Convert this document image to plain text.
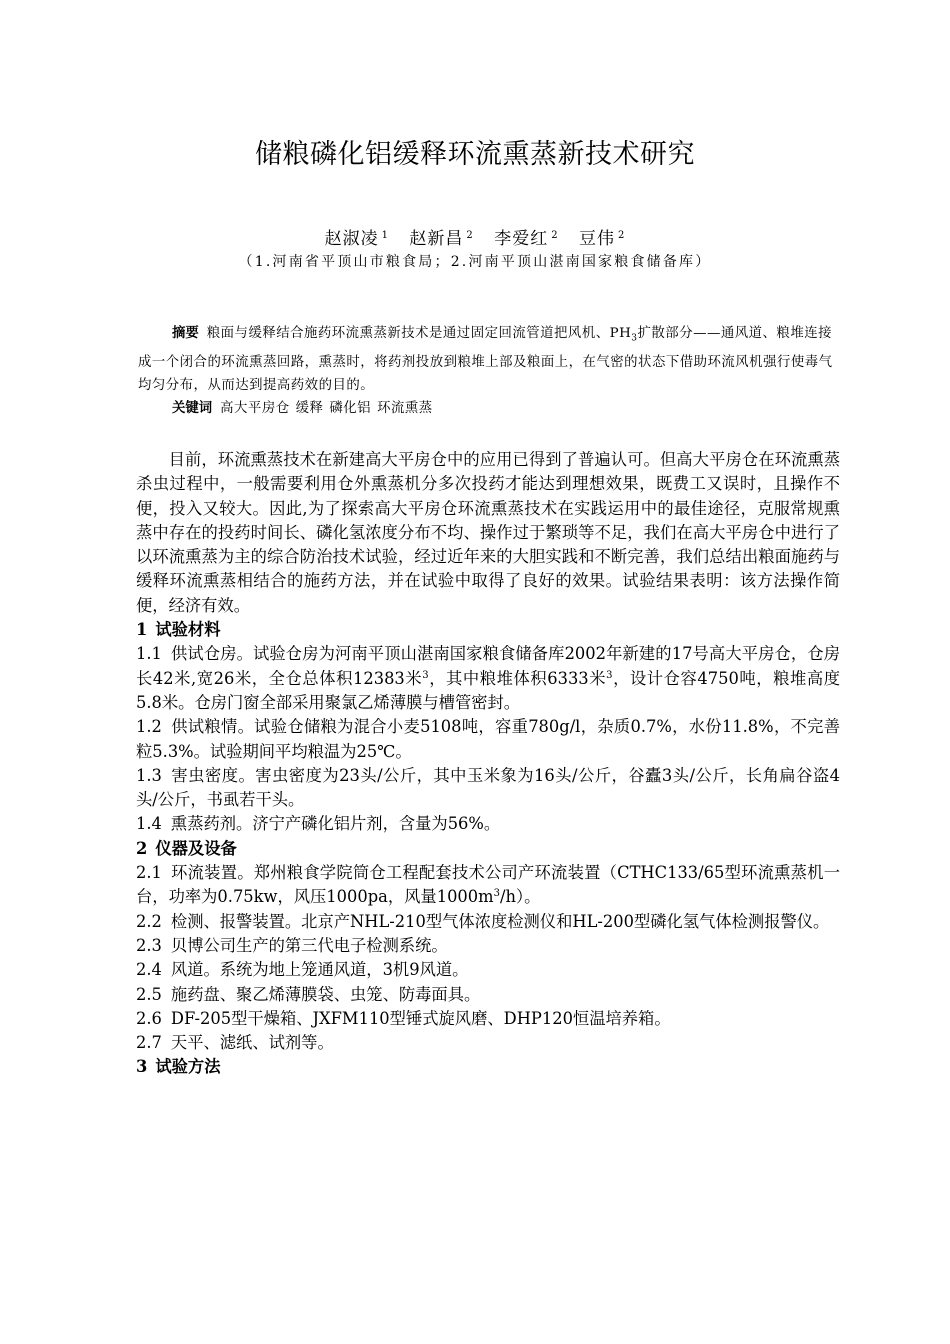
储粮磷化铝缓释环流熏蒸新技术研究
赵淑凌 $^1$ 赵新昌 $^2$ 李爱红 $^2$ 豆伟 $^2$
（1.河南省平顶山市粮食局；2.河南平顶山湛南国家粮食储备库）
摘要 粮面与缓释结合施药环流熏蒸新技术是通过固定回流管道把风机、$PH_3$扩散部分——通风道、粮堆连接成一个闭合的环流熏蒸回路，熏蒸时，将药剂投放到粮堆上部及粮面上，在气密的状态下借助环流风机强行使毒气均匀分布，从而达到提高药效的目的。
关键词 高大平房仓 缓释 磷化铝 环流熏蒸

目前，环流熏蒸技术在新建高大平房仓中的应用已得到了普遍认可。但高大平房仓在环流熏蒸杀虫过程中，一般需要利用仓外熏蒸机分多次投药才能达到理想效果，既费工又误时，且操作不便，投入又较大。因此,为了探索高大平房仓环流熏蒸技术在实践运用中的最佳途径，克服常规熏蒸中存在的投药时间长、磷化氢浓度分布不均、操作过于繁琐等不足，我们在高大平房仓中进行了以环流熏蒸为主的综合防治技术试验，经过近年来的大胆实践和不断完善，我们总结出粮面施药与缓释环流熏蒸相结合的施药方法，并在试验中取得了良好的效果。试验结果表明：该方法操作简便，经济有效。

1 试验材料

1.1 供试仓房。试验仓房为河南平顶山湛南国家粮食储备库2002年新建的17号高大平房仓，仓房长42米,宽26米，全仓总体积12383米$^3$，其中粮堆体积6333米$^3$，设计仓容4750吨，粮堆高度5.8米。仓房门窗全部采用聚氯乙烯薄膜与槽管密封。

1.2 供试粮情。试验仓储粮为混合小麦5108吨，容重780g/l，杂质0.7%，水份11.8%，不完善粒5.3%。试验期间平均粮温为25℃。

1.3 害虫密度。害虫密度为23头/公斤，其中玉米象为16头/公斤，谷蠹3头/公斤，长角扁谷盗4头/公斤，书虱若干头。

1.4 熏蒸药剂。济宁产磷化铝片剂，含量为56%。

2 仪器及设备

2.1 环流装置。郑州粮食学院筒仓工程配套技术公司产环流装置（CTHC133/65型环流熏蒸机一台，功率为0.75kw，风压1000pa，风量$1000m^3/h$）。

2.2 检测、报警装置。北京产NHL-210型气体浓度检测仪和HL-200型磷化氢气体检测报警仪。

2.3 贝博公司生产的第三代电子检测系统。

2.4 风道。系统为地上笼通风道，3机9风道。

2.5 施药盘、聚乙烯薄膜袋、虫笼、防毒面具。

2.6 DF-205型干燥箱、JXFM110型锤式旋风磨、DHP120恒温培养箱。

2.7 天平、滤纸、试剂等。

3 试验方法
